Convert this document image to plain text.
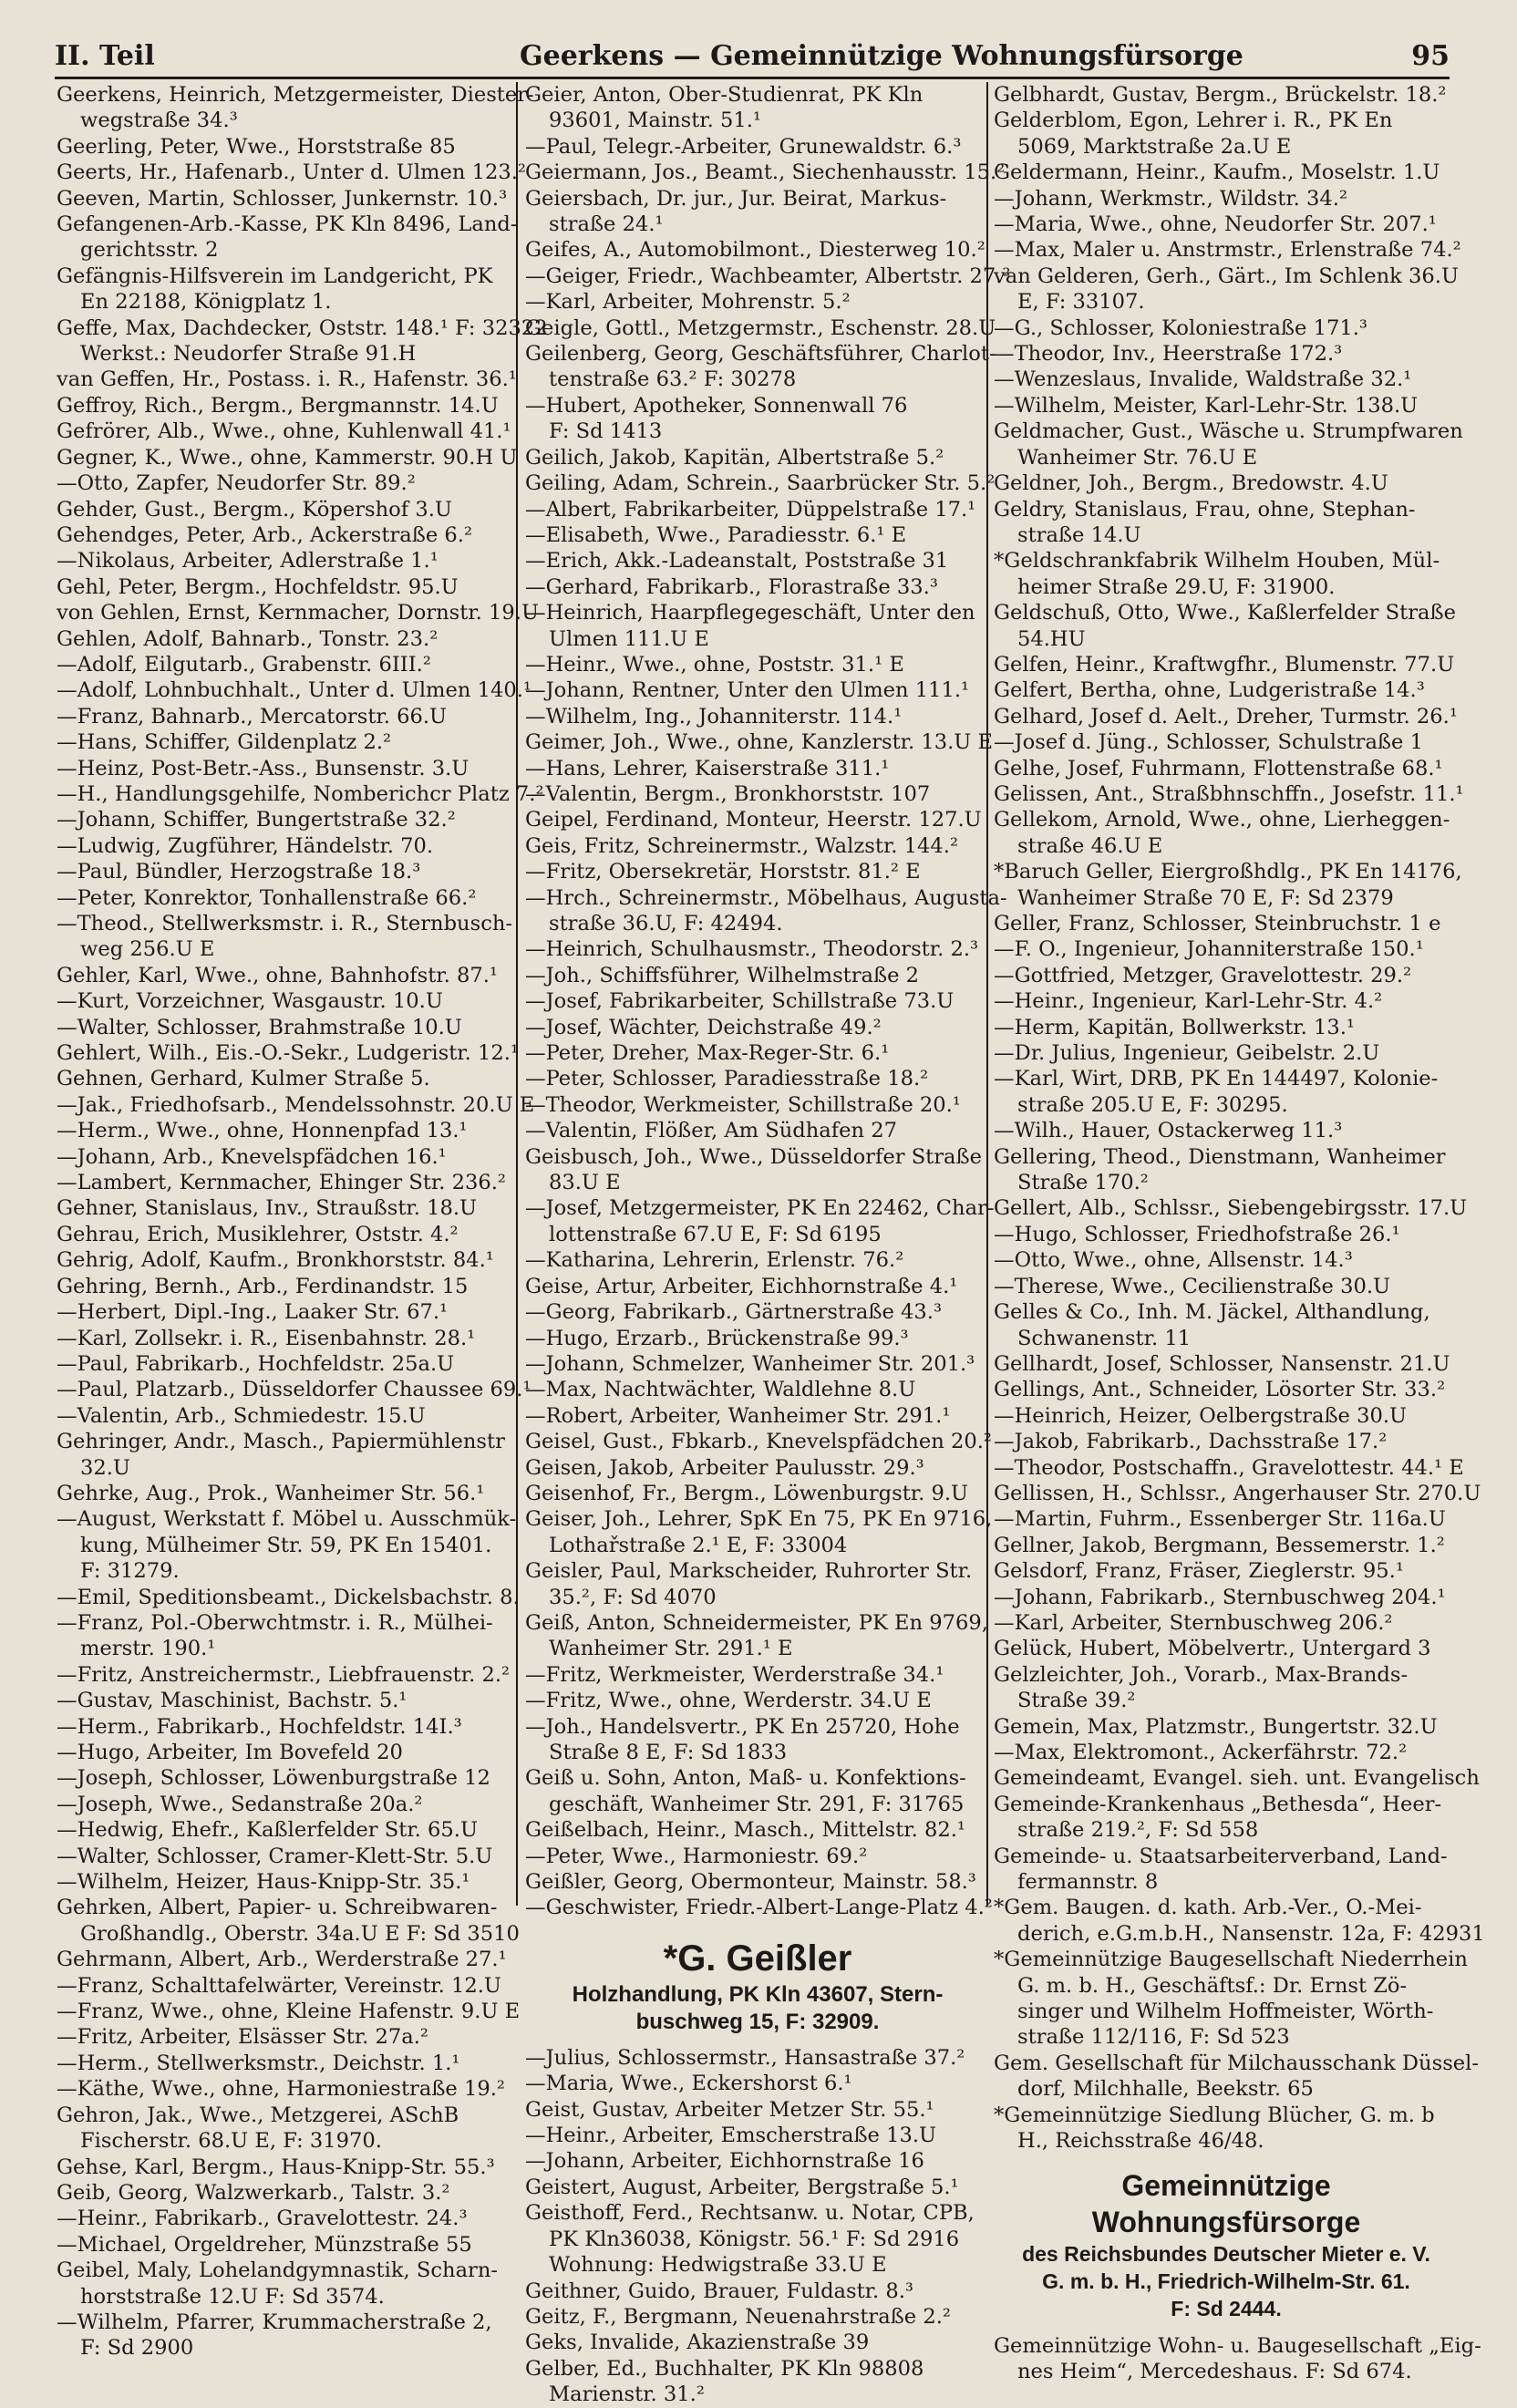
II. Teil	Geerkens — Gemeinnützige Wohnungsfürsorge	95

Geerkens, Heinrich, Metzgermeister, Diester-

wegstraße 34.³

Geerling, Peter, Wwe., Horststraße 85

Geerts, Hr., Hafenarb., Unter d. Ulmen 123.²

Geeven, Martin, Schlosser, Junkernstr. 10.³

Gefangenen-Arb.-Kasse, PK Kln 8496, Land-

gerichtsstr. 2

Gefängnis-Hilfsverein im Landgericht, PK

En 22188, Königplatz 1.

Geffe, Max, Dachdecker, Oststr. 148.¹ F: 32322

Werkst.: Neudorfer Straße 91.H

van Geffen, Hr., Postass. i. R., Hafenstr. 36.¹

Geffroy, Rich., Bergm., Bergmannstr. 14.U

Gefrörer, Alb., Wwe., ohne, Kuhlenwall 41.¹

Gegner, K., Wwe., ohne, Kammerstr. 90.H U

—Otto, Zapfer, Neudorfer Str. 89.²

Gehder, Gust., Bergm., Köpershof 3.U

Gehendges, Peter, Arb., Ackerstraße 6.²

—Nikolaus, Arbeiter, Adlerstraße 1.¹

Gehl, Peter, Bergm., Hochfeldstr. 95.U

von Gehlen, Ernst, Kernmacher, Dornstr. 19.U

Gehlen, Adolf, Bahnarb., Tonstr. 23.²

—Adolf, Eilgutarb., Grabenstr. 6III.²

—Adolf, Lohnbuchhalt., Unter d. Ulmen 140.¹

—Franz, Bahnarb., Mercatorstr. 66.U

—Hans, Schiffer, Gildenplatz 2.²

—Heinz, Post-Betr.-Ass., Bunsenstr. 3.U

—H., Handlungsgehilfe, Nomberichcr Platz 7.²

—Johann, Schiffer, Bungertstraße 32.²

—Ludwig, Zugführer, Händelstr. 70.

—Paul, Bündler, Herzogstraße 18.³

—Peter, Konrektor, Tonhallenstraße 66.²

—Theod., Stellwerksmstr. i. R., Sternbusch-

weg 256.U E

Gehler, Karl, Wwe., ohne, Bahnhofstr. 87.¹

—Kurt, Vorzeichner, Wasgaustr. 10.U

—Walter, Schlosser, Brahmstraße 10.U

Gehlert, Wilh., Eis.-O.-Sekr., Ludgeristr. 12.¹

Gehnen, Gerhard, Kulmer Straße 5.

—Jak., Friedhofsarb., Mendelssohnstr. 20.U E

—Herm., Wwe., ohne, Honnenpfad 13.¹

—Johann, Arb., Knevelspfädchen 16.¹

—Lambert, Kernmacher, Ehinger Str. 236.²

Gehner, Stanislaus, Inv., Straußstr. 18.U

Gehrau, Erich, Musiklehrer, Oststr. 4.²

Gehrig, Adolf, Kaufm., Bronkhorststr. 84.¹

Gehring, Bernh., Arb., Ferdinandstr. 15

—Herbert, Dipl.-Ing., Laaker Str. 67.¹

—Karl, Zollsekr. i. R., Eisenbahnstr. 28.¹

—Paul, Fabrikarb., Hochfeldstr. 25a.U

—Paul, Platzarb., Düsseldorfer Chaussee 69.¹

—Valentin, Arb., Schmiedestr. 15.U

Gehringer, Andr., Masch., Papiermühlenstr

32.U

Gehrke, Aug., Prok., Wanheimer Str. 56.¹

—August, Werkstatt f. Möbel u. Ausschmük-

kung, Mülheimer Str. 59, PK En 15401.

F: 31279.

—Emil, Speditionsbeamt., Dickelsbachstr. 8.

—Franz, Pol.-Oberwchtmstr. i. R., Mülhei-

merstr. 190.¹

—Fritz, Anstreichermstr., Liebfrauenstr. 2.²

—Gustav, Maschinist, Bachstr. 5.¹

—Herm., Fabrikarb., Hochfeldstr. 14I.³

—Hugo, Arbeiter, Im Bovefeld 20

—Joseph, Schlosser, Löwenburgstraße 12

—Joseph, Wwe., Sedanstraße 20a.²

—Hedwig, Ehefr., Kaßlerfelder Str. 65.U

—Walter, Schlosser, Cramer-Klett-Str. 5.U

—Wilhelm, Heizer, Haus-Knipp-Str. 35.¹

Gehrken, Albert, Papier- u. Schreibwaren-

Großhandlg., Oberstr. 34a.U E F: Sd 3510

Gehrmann, Albert, Arb., Werderstraße 27.¹

—Franz, Schalttafelwärter, Vereinstr. 12.U

—Franz, Wwe., ohne, Kleine Hafenstr. 9.U E

—Fritz, Arbeiter, Elsässer Str. 27a.²

—Herm., Stellwerksmstr., Deichstr. 1.¹

—Käthe, Wwe., ohne, Harmoniestraße 19.²

Gehron, Jak., Wwe., Metzgerei, ASchB

Fischerstr. 68.U E, F: 31970.

Gehse, Karl, Bergm., Haus-Knipp-Str. 55.³

Geib, Georg, Walzwerkarb., Talstr. 3.²

—Heinr., Fabrikarb., Gravelottestr. 24.³

—Michael, Orgeldreher, Münzstraße 55

Geibel, Maly, Lohelandgymnastik, Scharn-

horststraße 12.U F: Sd 3574.

—Wilhelm, Pfarrer, Krummacherstraße 2,

F: Sd 2900

Geier, Anton, Ober-Studienrat, PK Kln

93601, Mainstr. 51.¹

—Paul, Telegr.-Arbeiter, Grunewaldstr. 6.³

Geiermann, Jos., Beamt., Siechenhausstr. 15.²

Geiersbach, Dr. jur., Jur. Beirat, Markus-

straße 24.¹

Geifes, A., Automobilmont., Diesterweg 10.²

—Geiger, Friedr., Wachbeamter, Albertstr. 27.²

—Karl, Arbeiter, Mohrenstr. 5.²

Geigle, Gottl., Metzgermstr., Eschenstr. 28.U

Geilenberg, Georg, Geschäftsführer, Charlot-

tenstraße 63.² F: 30278

—Hubert, Apotheker, Sonnenwall 76

F: Sd 1413

Geilich, Jakob, Kapitän, Albertstraße 5.²

Geiling, Adam, Schrein., Saarbrücker Str. 5.²

—Albert, Fabrikarbeiter, Düppelstraße 17.¹

—Elisabeth, Wwe., Paradiesstr. 6.¹ E

—Erich, Akk.-Ladeanstalt, Poststraße 31

—Gerhard, Fabrikarb., Florastraße 33.³

—Heinrich, Haarpflegegeschäft, Unter den

Ulmen 111.U E

—Heinr., Wwe., ohne, Poststr. 31.¹ E

—Johann, Rentner, Unter den Ulmen 111.¹

—Wilhelm, Ing., Johanniterstr. 114.¹

Geimer, Joh., Wwe., ohne, Kanzlerstr. 13.U E

—Hans, Lehrer, Kaiserstraße 311.¹

—Valentin, Bergm., Bronkhorststr. 107

Geipel, Ferdinand, Monteur, Heerstr. 127.U

Geis, Fritz, Schreinermstr., Walzstr. 144.²

—Fritz, Obersekretär, Horststr. 81.² E

—Hrch., Schreinermstr., Möbelhaus, Augusta-

straße 36.U, F: 42494.

—Heinrich, Schulhausmstr., Theodorstr. 2.³

—Joh., Schiffsführer, Wilhelmstraße 2

—Josef, Fabrikarbeiter, Schillstraße 73.U

—Josef, Wächter, Deichstraße 49.²

—Peter, Dreher, Max-Reger-Str. 6.¹

—Peter, Schlosser, Paradiesstraße 18.²

—Theodor, Werkmeister, Schillstraße 20.¹

—Valentin, Flößer, Am Südhafen 27

Geisbusch, Joh., Wwe., Düsseldorfer Straße

83.U E

—Josef, Metzgermeister, PK En 22462, Char-

lottenstraße 67.U E, F: Sd 6195

—Katharina, Lehrerin, Erlenstr. 76.²

Geise, Artur, Arbeiter, Eichhornstraße 4.¹

—Georg, Fabrikarb., Gärtnerstraße 43.³

—Hugo, Erzarb., Brückenstraße 99.³

—Johann, Schmelzer, Wanheimer Str. 201.³

—Max, Nachtwächter, Waldlehne 8.U

—Robert, Arbeiter, Wanheimer Str. 291.¹

Geisel, Gust., Fbkarb., Knevelspfädchen 20.²

Geisen, Jakob, Arbeiter Paulusstr. 29.³

Geisenhof, Fr., Bergm., Löwenburgstr. 9.U

Geiser, Joh., Lehrer, SpK En 75, PK En 9716,

Lothařstraße 2.¹ E, F: 33004

Geisler, Paul, Markscheider, Ruhrorter Str.

35.², F: Sd 4070

Geiß, Anton, Schneidermeister, PK En 9769,

Wanheimer Str. 291.¹ E

—Fritz, Werkmeister, Werderstraße 34.¹

—Fritz, Wwe., ohne, Werderstr. 34.U E

—Joh., Handelsvertr., PK En 25720, Hohe

Straße 8 E, F: Sd 1833

Geiß u. Sohn, Anton, Maß- u. Konfektions-

geschäft, Wanheimer Str. 291, F: 31765

Geißelbach, Heinr., Masch., Mittelstr. 82.¹

—Peter, Wwe., Harmoniestr. 69.²

Geißler, Georg, Obermonteur, Mainstr. 58.³

—Geschwister, Friedr.-Albert-Lange-Platz 4.²

*G. Geißler
Holzhandlung, PK Kln 43607, Stern-
buschweg 15, F: 32909.

—Julius, Schlossermstr., Hansastraße 37.²

—Maria, Wwe., Eckershorst 6.¹

Geist, Gustav, Arbeiter Metzer Str. 55.¹

—Heinr., Arbeiter, Emscherstraße 13.U

—Johann, Arbeiter, Eichhornstraße 16

Geistert, August, Arbeiter, Bergstraße 5.¹

Geisthoff, Ferd., Rechtsanw. u. Notar, CPB,

PK Kln36038, Königstr. 56.¹ F: Sd 2916

Wohnung: Hedwigstraße 33.U E

Geithner, Guido, Brauer, Fuldastr. 8.³

Geitz, F., Bergmann, Neuenahrstraße 2.²

Geks, Invalide, Akazienstraße 39

Gelber, Ed., Buchhalter, PK Kln 98808

Marienstr. 31.²

Gelbhardt, Gustav, Bergm., Brückelstr. 18.²

Gelderblom, Egon, Lehrer i. R., PK En

5069, Marktstraße 2a.U E

Geldermann, Heinr., Kaufm., Moselstr. 1.U

—Johann, Werkmstr., Wildstr. 34.²

—Maria, Wwe., ohne, Neudorfer Str. 207.¹

—Max, Maler u. Anstrmstr., Erlenstraße 74.²

van Gelderen, Gerh., Gärt., Im Schlenk 36.U

E, F: 33107.

—G., Schlosser, Koloniestraße 171.³

—Theodor, Inv., Heerstraße 172.³

—Wenzeslaus, Invalide, Waldstraße 32.¹

—Wilhelm, Meister, Karl-Lehr-Str. 138.U

Geldmacher, Gust., Wäsche u. Strumpfwaren

Wanheimer Str. 76.U E

Geldner, Joh., Bergm., Bredowstr. 4.U

Geldry, Stanislaus, Frau, ohne, Stephan-

straße 14.U

*Geldschrankfabrik Wilhelm Houben, Mül-

heimer Straße 29.U, F: 31900.

Geldschuß, Otto, Wwe., Kaßlerfelder Straße

54.HU

Gelfen, Heinr., Kraftwgfhr., Blumenstr. 77.U

Gelfert, Bertha, ohne, Ludgeristraße 14.³

Gelhard, Josef d. Aelt., Dreher, Turmstr. 26.¹

—Josef d. Jüng., Schlosser, Schulstraße 1

Gelhe, Josef, Fuhrmann, Flottenstraße 68.¹

Gelissen, Ant., Straßbhnschffn., Josefstr. 11.¹

Gellekom, Arnold, Wwe., ohne, Lierheggen-

straße 46.U E

*Baruch Geller, Eiergroßhdlg., PK En 14176,

Wanheimer Straße 70 E, F: Sd 2379

Geller, Franz, Schlosser, Steinbruchstr. 1 e

—F. O., Ingenieur, Johanniterstraße 150.¹

—Gottfried, Metzger, Gravelottestr. 29.²

—Heinr., Ingenieur, Karl-Lehr-Str. 4.²

—Herm, Kapitän, Bollwerkstr. 13.¹

—Dr. Julius, Ingenieur, Geibelstr. 2.U

—Karl, Wirt, DRB, PK En 144497, Kolonie-

straße 205.U E, F: 30295.

—Wilh., Hauer, Ostackerweg 11.³

Gellering, Theod., Dienstmann, Wanheimer

Straße 170.²

Gellert, Alb., Schlssr., Siebengebirgsstr. 17.U

—Hugo, Schlosser, Friedhofstraße 26.¹

—Otto, Wwe., ohne, Allsenstr. 14.³

—Therese, Wwe., Cecilienstraße 30.U

Gelles & Co., Inh. M. Jäckel, Althandlung,

Schwanenstr. 11

Gellhardt, Josef, Schlosser, Nansenstr. 21.U

Gellings, Ant., Schneider, Lösorter Str. 33.²

—Heinrich, Heizer, Oelbergstraße 30.U

—Jakob, Fabrikarb., Dachsstraße 17.²

—Theodor, Postschaffn., Gravelottestr. 44.¹ E

Gellissen, H., Schlssr., Angerhauser Str. 270.U

—Martin, Fuhrm., Essenberger Str. 116a.U

Gellner, Jakob, Bergmann, Bessemerstr. 1.²

Gelsdorf, Franz, Fräser, Zieglerstr. 95.¹

—Johann, Fabrikarb., Sternbuschweg 204.¹

—Karl, Arbeiter, Sternbuschweg 206.²

Gelück, Hubert, Möbelvertr., Untergard 3

Gelzleichter, Joh., Vorarb., Max-Brands-

Straße 39.²

Gemein, Max, Platzmstr., Bungertstr. 32.U

—Max, Elektromont., Ackerfährstr. 72.²

Gemeindeamt, Evangel. sieh. unt. Evangelisch

Gemeinde-Krankenhaus „Bethesda“, Heer-

straße 219.², F: Sd 558

Gemeinde- u. Staatsarbeiterverband, Land-

fermannstr. 8

*Gem. Baugen. d. kath. Arb.-Ver., O.-Mei-

derich, e.G.m.b.H., Nansenstr. 12a, F: 42931

*Gemeinnützige Baugesellschaft Niederrhein

G. m. b. H., Geschäftsf.: Dr. Ernst Zö-

singer und Wilhelm Hoffmeister, Wörth-

straße 112/116, F: Sd 523

Gem. Gesellschaft für Milchausschank Düssel-

dorf, Milchhalle, Beekstr. 65

*Gemeinnützige Siedlung Blücher, G. m. b

H., Reichsstraße 46/48.

Gemeinnützige Wohnungsfürsorge
des Reichsbundes Deutscher Mieter e. V.
G. m. b. H., Friedrich-Wilhelm-Str. 61.
F: Sd 2444.

Gemeinnützige Wohn- u. Baugesellschaft „Eig-

nes Heim“, Mercedeshaus. F: Sd 674.
